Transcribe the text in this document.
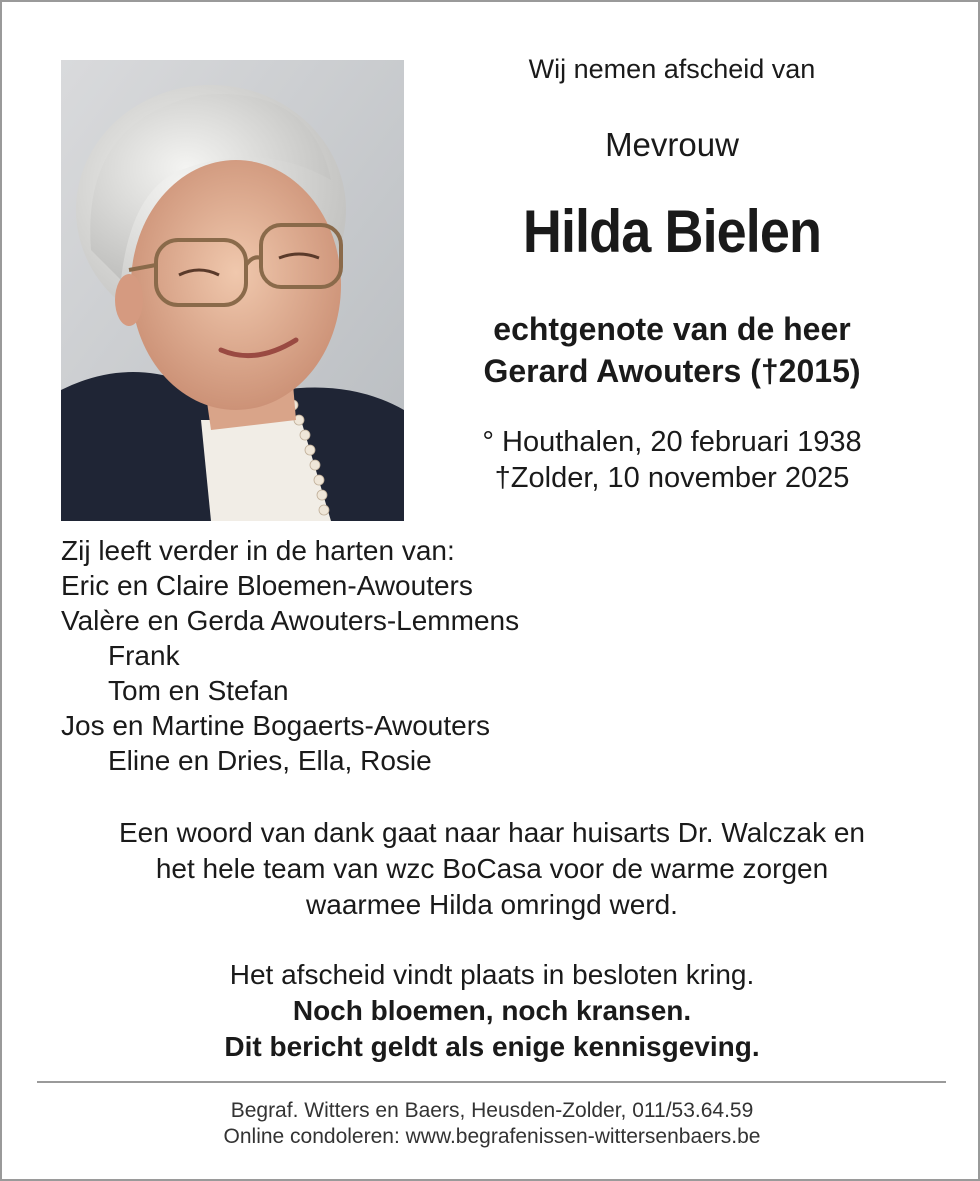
Wij nemen afscheid van
Mevrouw
Hilda Bielen
echtgenote van de heer
Gerard Awouters (†2015)
° Houthalen, 20 februari 1938
†Zolder, 10 november 2025
Zij leeft verder in de harten van:
Eric en Claire Bloemen-Awouters
Valère en Gerda Awouters-Lemmens
Frank
Tom en Stefan
Jos en Martine Bogaerts-Awouters
Eline en Dries, Ella, Rosie
Een woord van dank gaat naar haar huisarts Dr. Walczak en
het hele team van wzc BoCasa voor de warme zorgen
waarmee Hilda omringd werd.
Het afscheid vindt plaats in besloten kring.
Noch bloemen, noch kransen.
Dit bericht geldt als enige kennisgeving.
Begraf. Witters en Baers, Heusden-Zolder, 011/53.64.59
Online condoleren: www.begrafenissen-wittersenbaers.be
